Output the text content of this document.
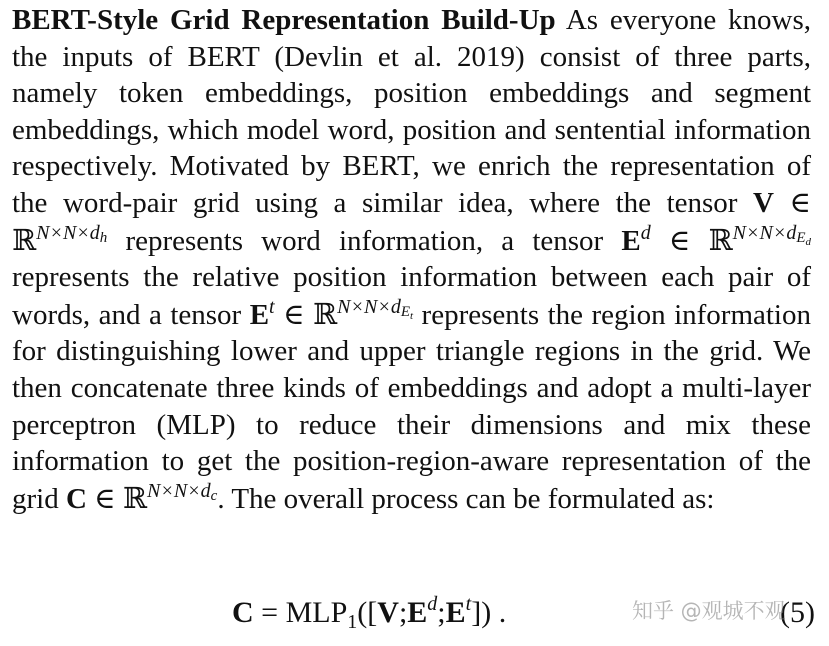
BERT-Style Grid Representation Build-Up As everyone knows, the inputs of BERT (Devlin et al. 2019) consist of three parts, namely token embeddings, position embeddings and segment embeddings, which model word, position and sentential information respectively. Motivated by BERT, we enrich the representation of the word-pair grid using a similar idea, where the tensor V ∈ ℝ$^{N\times N\times d_h}$ represents word information, a tensor $E^d$ ∈ ℝ$^{N\times N\times d_{Ed}}$ represents the relative position information between each pair of words, and a tensor $E^t$ ∈ ℝ$^{N\times N\times d_{Et}}$ represents the region information for distinguishing lower and upper triangle regions in the grid. We then concatenate three kinds of embeddings and adopt a multi-layer perceptron (MLP) to reduce their dimensions and mix these information to get the position-region-aware representation of the grid C ∈ ℝ$^{N\times N\times d_c}$. The overall process can be formulated as:

$C = MLP_1([V;E^d;E^t])$ .	(5)
知乎 @观城不观
